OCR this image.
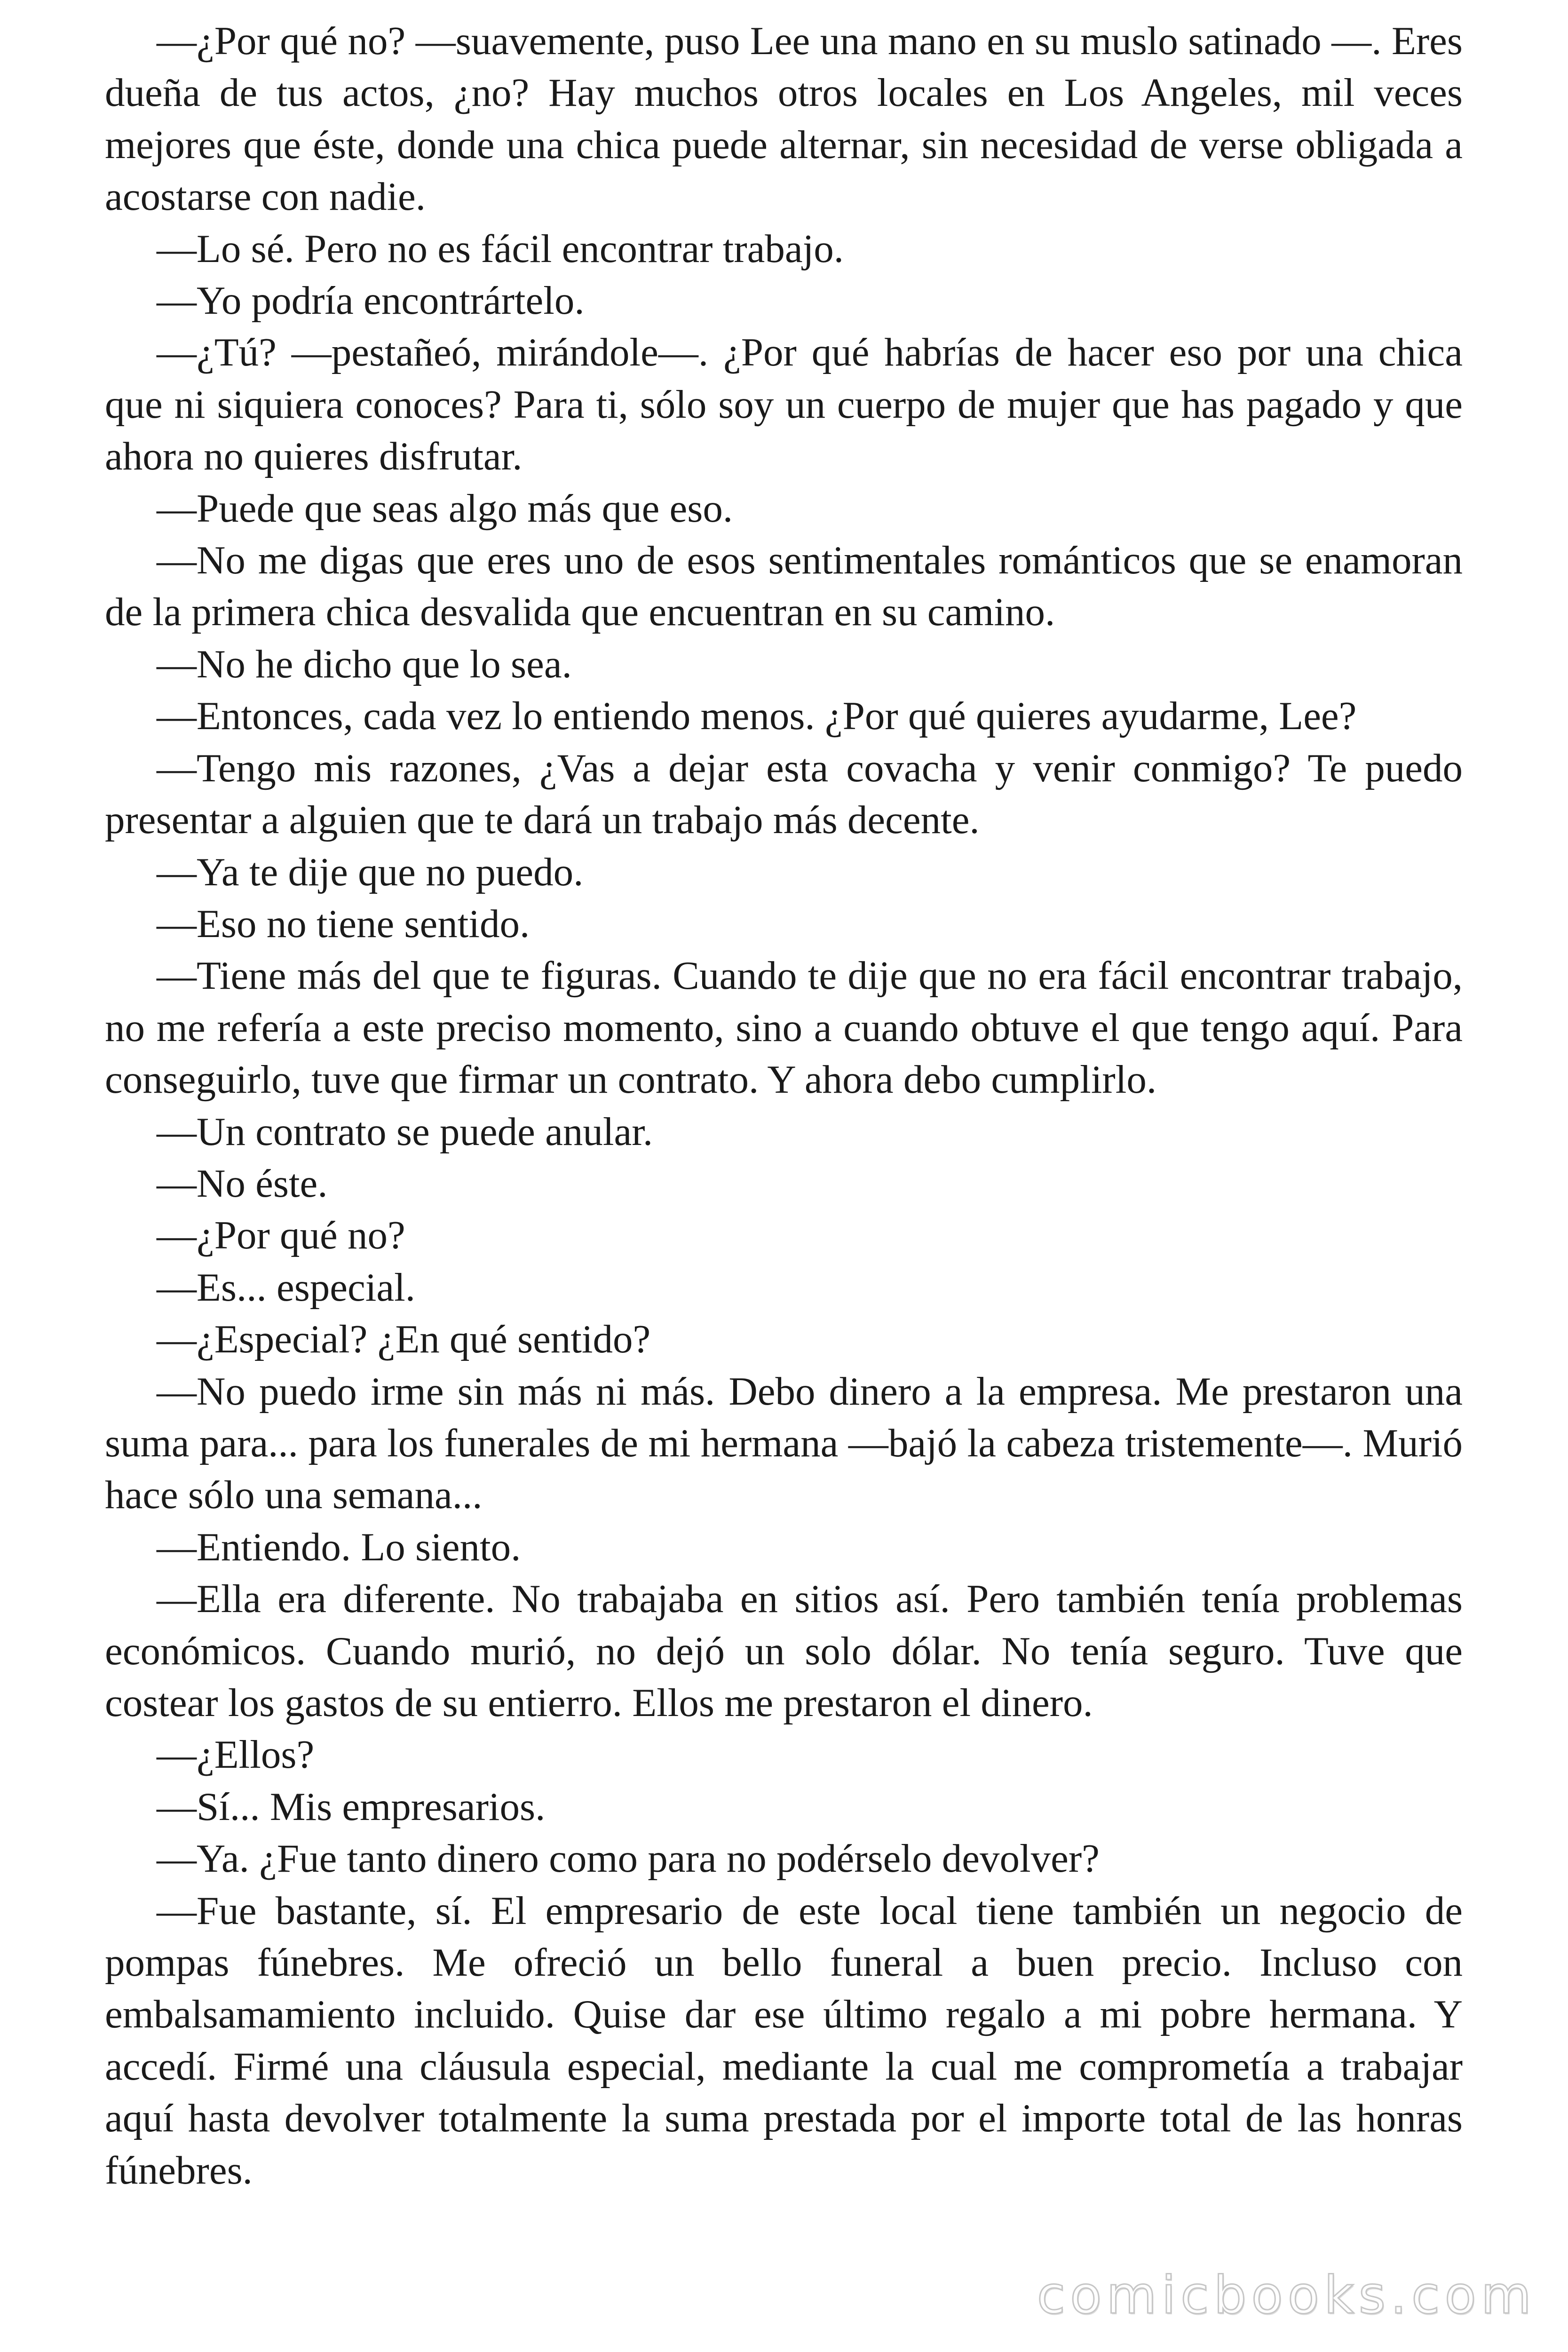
—¿Por qué no? —suavemente, puso Lee una mano en su muslo satinado —. Eres dueña de tus actos, ¿no? Hay muchos otros locales en Los Angeles, mil veces mejores que éste, donde una chica puede alternar, sin necesidad de verse obligada a acostarse con nadie.

—Lo sé. Pero no es fácil encontrar trabajo.

—Yo podría encontrártelo.

—¿Tú? —pestañeó, mirándole—. ¿Por qué habrías de hacer eso por una chica que ni siquiera conoces? Para ti, sólo soy un cuerpo de mujer que has pagado y que ahora no quieres disfrutar.

—Puede que seas algo más que eso.

—No me digas que eres uno de esos sentimentales románticos que se enamoran de la primera chica desvalida que encuentran en su camino.

—No he dicho que lo sea.

—Entonces, cada vez lo entiendo menos. ¿Por qué quieres ayudarme, Lee?

—Tengo mis razones, ¿Vas a dejar esta covacha y venir conmigo? Te puedo presentar a alguien que te dará un trabajo más decente.

—Ya te dije que no puedo.

—Eso no tiene sentido.

—Tiene más del que te figuras. Cuando te dije que no era fácil encontrar trabajo, no me refería a este preciso momento, sino a cuando obtuve el que tengo aquí. Para conseguirlo, tuve que firmar un contrato. Y ahora debo cumplirlo.

—Un contrato se puede anular.

—No éste.

—¿Por qué no?

—Es... especial.

—¿Especial? ¿En qué sentido?

—No puedo irme sin más ni más. Debo dinero a la empresa. Me prestaron una suma para... para los funerales de mi hermana —bajó la cabeza tristemente—. Murió hace sólo una semana...

—Entiendo. Lo siento.

—Ella era diferente. No trabajaba en sitios así. Pero también tenía problemas económicos. Cuando murió, no dejó un solo dólar. No tenía seguro. Tuve que costear los gastos de su entierro. Ellos me prestaron el dinero.

—¿Ellos?

—Sí... Mis empresarios.

—Ya. ¿Fue tanto dinero como para no podérselo devolver?

—Fue bastante, sí. El empresario de este local tiene también un negocio de pompas fúnebres. Me ofreció un bello funeral a buen precio. Incluso con embalsamamiento incluido. Quise dar ese último regalo a mi pobre hermana. Y accedí. Firmé una cláusula especial, mediante la cual me comprometía a trabajar aquí hasta devolver totalmente la suma prestada por el importe total de las honras fúnebres.

comicbooks.com
